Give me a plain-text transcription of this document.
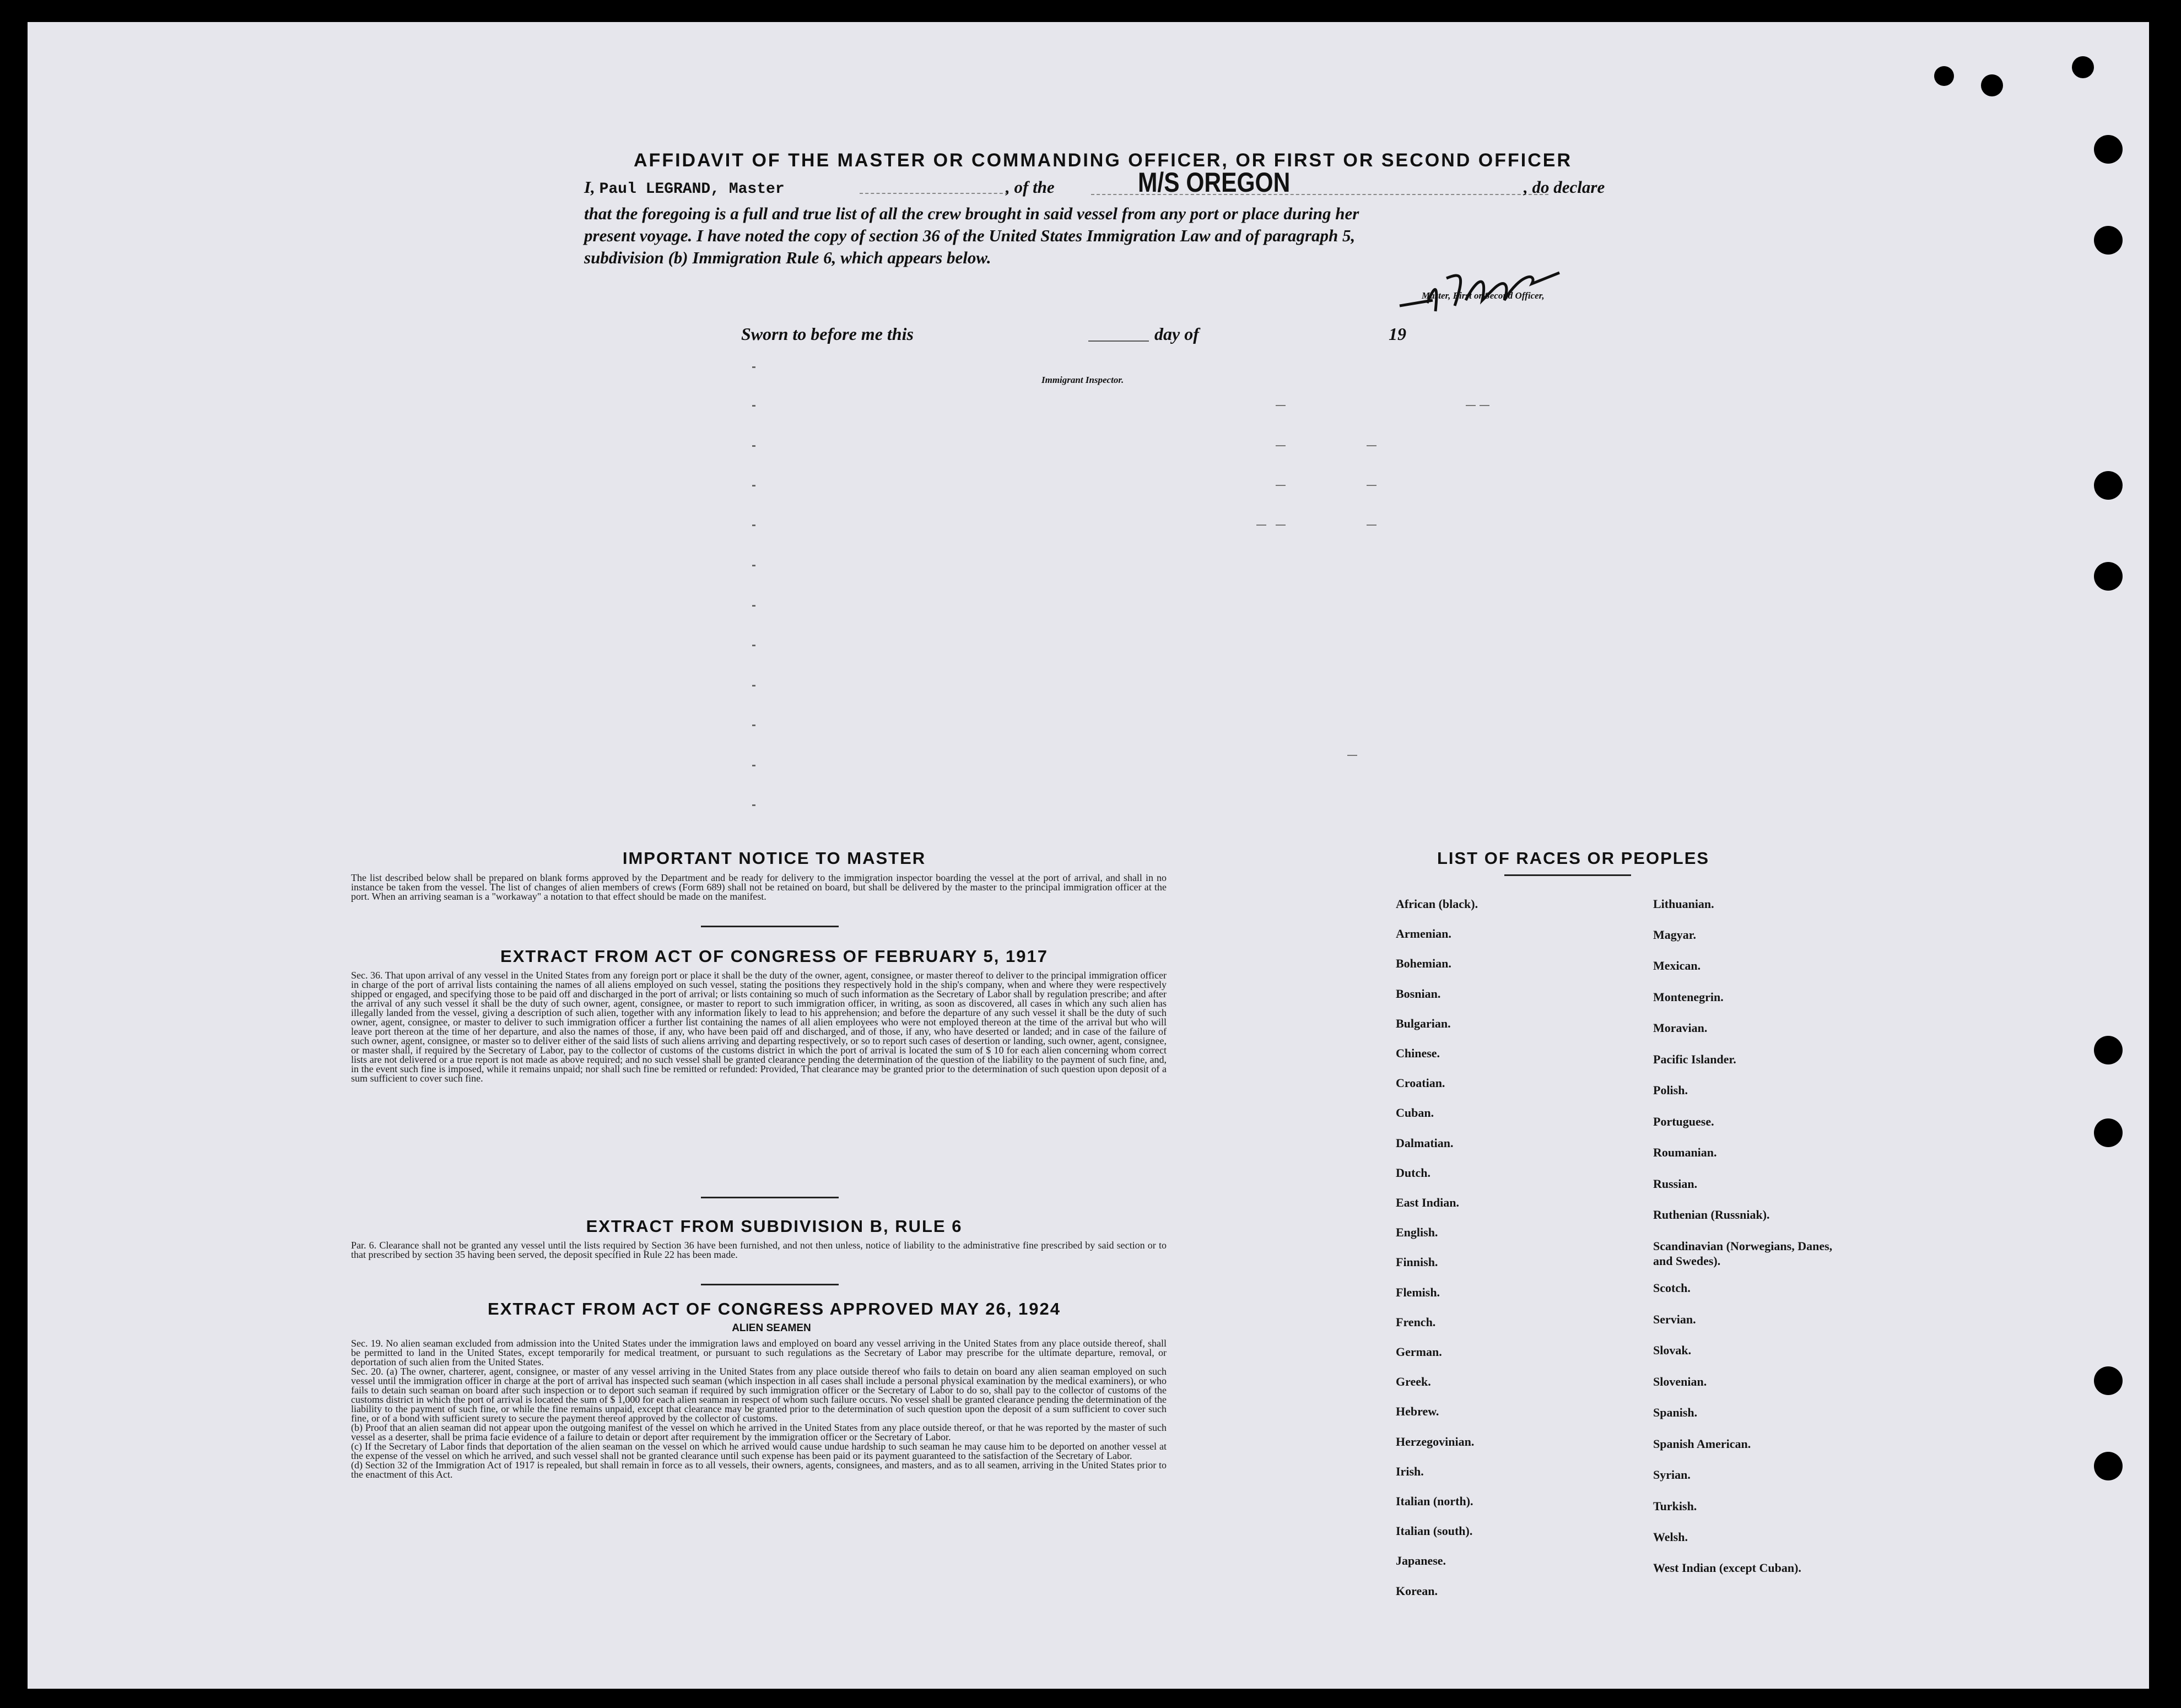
AFFIDAVIT OF THE MASTER OR COMMANDING OFFICER, OR FIRST OR SECOND OFFICER
I, Paul LEGRAND, Master	, of the	M/S OREGON	, do declare
that the foregoing is a full and true list of all the crew brought in said vessel from any port or place during her
present voyage. I have noted the copy of section 36 of the United States Immigration Law and of paragraph 5,
subdivision (b) Immigration Rule 6, which appears below.
Master, First or Second Officer,
Sworn to before me this	day of	19
Immigrant Inspector.
IMPORTANT NOTICE TO MASTER
The list described below shall be prepared on blank forms approved by the Department and be ready for delivery to the immigration inspector boarding the vessel at the port of arrival, and shall in no instance be taken from the vessel. The list of changes of alien members of crews (Form 689) shall not be retained on board, but shall be delivered by the master to the principal immigration officer at the port. When an arriving seaman is a "workaway" a notation to that effect should be made on the manifest.
EXTRACT FROM ACT OF CONGRESS OF FEBRUARY 5, 1917
Sec. 36. That upon arrival of any vessel in the United States from any foreign port or place it shall be the duty of the owner, agent, consignee, or master thereof to deliver to the principal immigration officer in charge of the port of arrival lists containing the names of all aliens employed on such vessel, stating the positions they respectively hold in the ship's company, when and where they were respectively shipped or engaged, and specifying those to be paid off and discharged in the port of arrival; or lists containing so much of such information as the Secretary of Labor shall by regulation prescribe; and after the arrival of any such vessel it shall be the duty of such owner, agent, consignee, or master to report to such immigration officer, in writing, as soon as discovered, all cases in which any such alien has illegally landed from the vessel, giving a description of such alien, together with any information likely to lead to his apprehension; and before the departure of any such vessel it shall be the duty of such owner, agent, consignee, or master to deliver to such immigration officer a further list containing the names of all alien employees who were not employed thereon at the time of the arrival but who will leave port thereon at the time of her departure, and also the names of those, if any, who have been paid off and discharged, and of those, if any, who have deserted or landed; and in case of the failure of such owner, agent, consignee, or master so to deliver either of the said lists of such aliens arriving and departing respectively, or so to report such cases of desertion or landing, such owner, agent, consignee, or master shall, if required by the Secretary of Labor, pay to the collector of customs of the customs district in which the port of arrival is located the sum of $ 10 for each alien concerning whom correct lists are not delivered or a true report is not made as above required; and no such vessel shall be granted clearance pending the determination of the question of the liability to the payment of such fine, and, in the event such fine is imposed, while it remains unpaid; nor shall such fine be remitted or refunded: Provided, That clearance may be granted prior to the determination of such question upon deposit of a sum sufficient to cover such fine.
EXTRACT FROM SUBDIVISION B, RULE 6
Par. 6. Clearance shall not be granted any vessel until the lists required by Section 36 have been furnished, and not then unless, notice of liability to the administrative fine prescribed by said section or to that prescribed by section 35 having been served, the deposit specified in Rule 22 has been made.
EXTRACT FROM ACT OF CONGRESS APPROVED MAY 26, 1924
ALIEN SEAMEN
Sec. 19. No alien seaman excluded from admission into the United States under the immigration laws and employed on board any vessel arriving in the United States from any place outside thereof, shall be permitted to land in the United States, except temporarily for medical treatment, or pursuant to such regulations as the Secretary of Labor may prescribe for the ultimate departure, removal, or deportation of such alien from the United States.
Sec. 20. (a) The owner, charterer, agent, consignee, or master of any vessel arriving in the United States from any place outside thereof who fails to detain on board any alien seaman employed on such vessel until the immigration officer in charge at the port of arrival has inspected such seaman (which inspection in all cases shall include a personal physical examination by the medical examiners), or who fails to detain such seaman on board after such inspection or to deport such seaman if required by such immigration officer or the Secretary of Labor to do so, shall pay to the collector of customs of the customs district in which the port of arrival is located the sum of $ 1,000 for each alien seaman in respect of whom such failure occurs. No vessel shall be granted clearance pending the determination of the liability to the payment of such fine, or while the fine remains unpaid, except that clearance may be granted prior to the determination of such question upon the deposit of a sum sufficient to cover such fine, or of a bond with sufficient surety to secure the payment thereof approved by the collector of customs.
(b) Proof that an alien seaman did not appear upon the outgoing manifest of the vessel on which he arrived in the United States from any place outside thereof, or that he was reported by the master of such vessel as a deserter, shall be prima facie evidence of a failure to detain or deport after requirement by the immigration officer or the Secretary of Labor.
(c) If the Secretary of Labor finds that deportation of the alien seaman on the vessel on which he arrived would cause undue hardship to such seaman he may cause him to be deported on another vessel at the expense of the vessel on which he arrived, and such vessel shall not be granted clearance until such expense has been paid or its payment guaranteed to the satisfaction of the Secretary of Labor.
(d) Section 32 of the Immigration Act of 1917 is repealed, but shall remain in force as to all vessels, their owners, agents, consignees, and masters, and as to all seamen, arriving in the United States prior to the enactment of this Act.
LIST OF RACES OR PEOPLES
African (black).
Armenian.
Bohemian.
Bosnian.
Bulgarian.
Chinese.
Croatian.
Cuban.
Dalmatian.
Dutch.
East Indian.
English.
Finnish.
Flemish.
French.
German.
Greek.
Hebrew.
Herzegovinian.
Irish.
Italian (north).
Italian (south).
Japanese.
Korean.
Lithuanian.
Magyar.
Mexican.
Montenegrin.
Moravian.
Pacific Islander.
Polish.
Portuguese.
Roumanian.
Russian.
Ruthenian (Russniak).
Scandinavian (Norwegians, Danes, and Swedes).
Scotch.
Servian.
Slovak.
Slovenian.
Spanish.
Spanish American.
Syrian.
Turkish.
Welsh.
West Indian (except Cuban).
